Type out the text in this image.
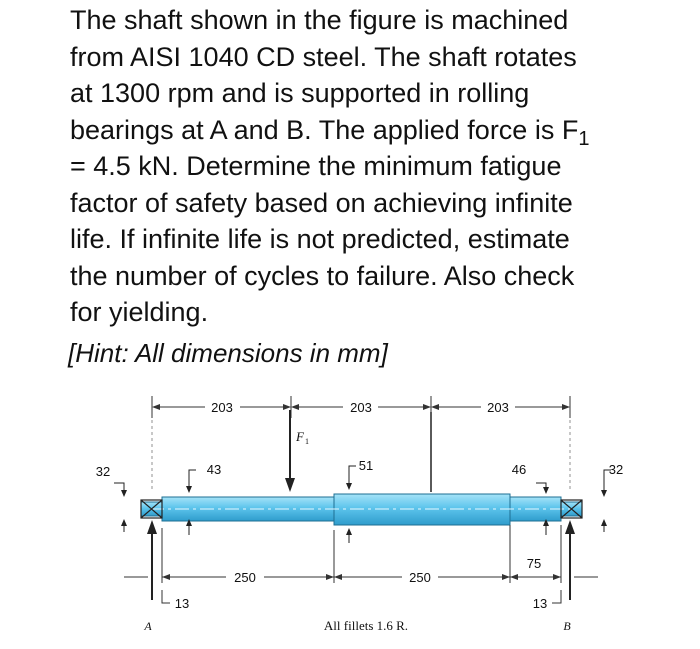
The shaft shown in the figure is machined
from AISI 1040 CD steel. The shaft rotates
at 1300 rpm and is supported in rolling
bearings at A and B. The applied force is $F_1$
= 4.5 kN. Determine the minimum fatigue
factor of safety based on achieving infinite
life. If infinite life is not predicted, estimate
the number of cycles to failure. Also check
for yielding.
[Hint: All dimensions in mm]
203	203	203
F 1
32	43	51	46	32
250	250
75
13	13
A	B
All fillets 1.6 R.
